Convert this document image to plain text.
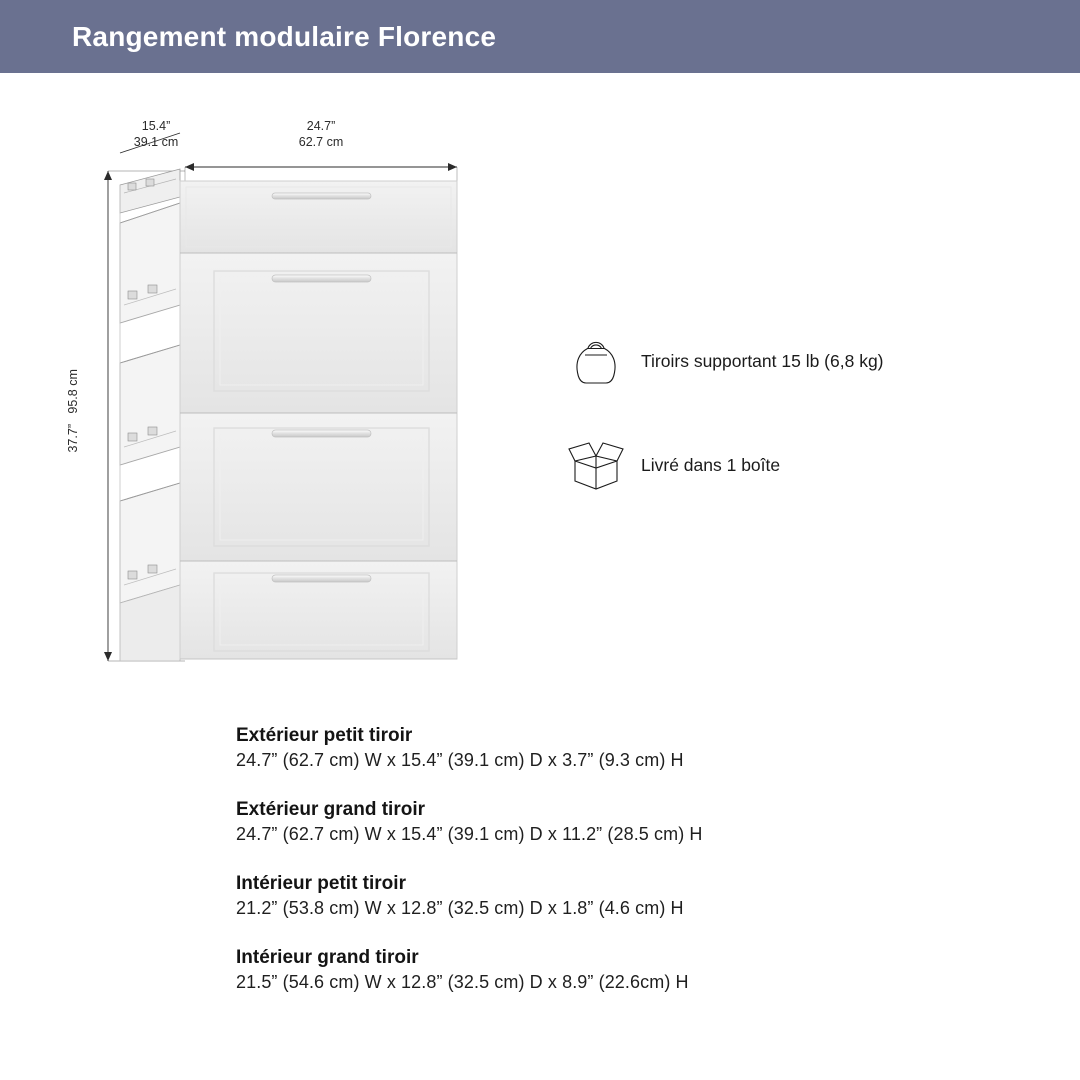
Rangement modulaire Florence
15.4”
39.1 cm
24.7”
62.7 cm
37.7”   95.8 cm
Tiroirs supportant 15 lb (6,8 kg)
Livré dans 1 boîte
Extérieur petit tiroir
24.7” (62.7 cm) W x 15.4” (39.1 cm) D x 3.7” (9.3 cm) H
Extérieur grand tiroir
24.7” (62.7 cm) W x 15.4” (39.1 cm) D x 11.2” (28.5 cm) H
Intérieur petit tiroir
21.2” (53.8 cm) W x 12.8” (32.5 cm) D x 1.8” (4.6 cm) H
Intérieur grand tiroir
21.5” (54.6 cm) W x 12.8” (32.5 cm) D x 8.9” (22.6cm) H
